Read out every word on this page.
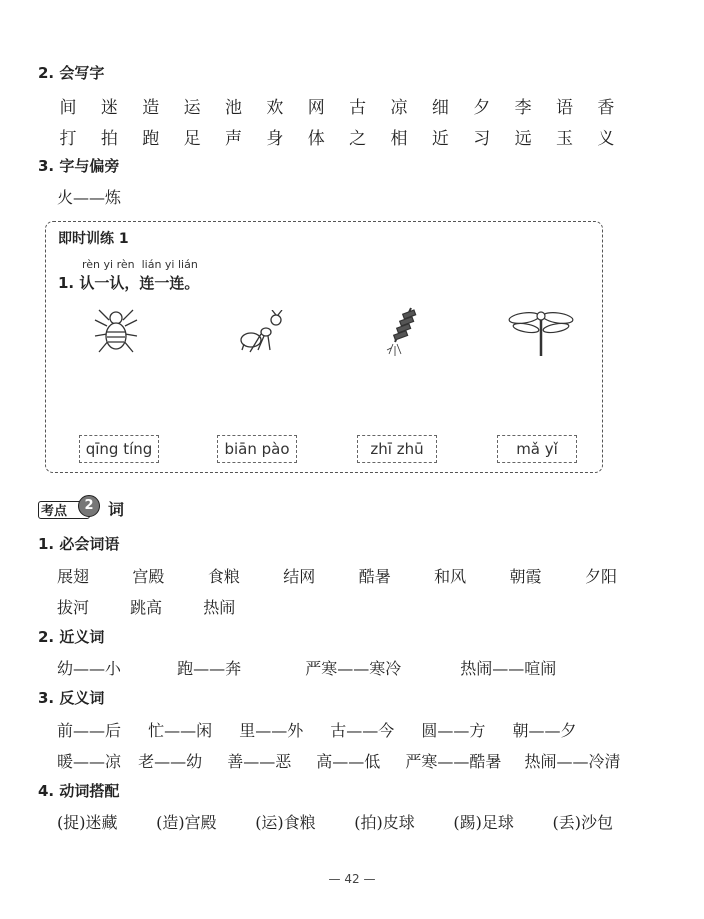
2. 会写字
间 迷 造 运 池 欢 网 古 凉 细 夕 李 语 香
打 拍 跑 足 声 身 体 之 相 近 习 远 玉 义
3. 字与偏旁
火——炼
即时训练 1
rèn yi rèn  lián yi lián
1. 认一认，连一连。
qīng tíng	biān pào	zhī zhū	mǎ yǐ
考点	2 词
1. 必会词语
展翅	宫殿	食粮	结网	酷暑	和风	朝霞	夕阳
拔河	跳高	热闹
2. 近义词
幼——小	跑——奔	严寒——寒冷	热闹——喧闹
3. 反义词
前——后 忙——闲 里——外 古——今 圆——方 朝——夕
暖——凉 老——幼 善——恶 高——低 严寒——酷暑 热闹——冷清
4. 动词搭配
(捉)迷藏 (造)宫殿 (运)食粮 (拍)皮球 (踢)足球 (丢)沙包
— 42 —
